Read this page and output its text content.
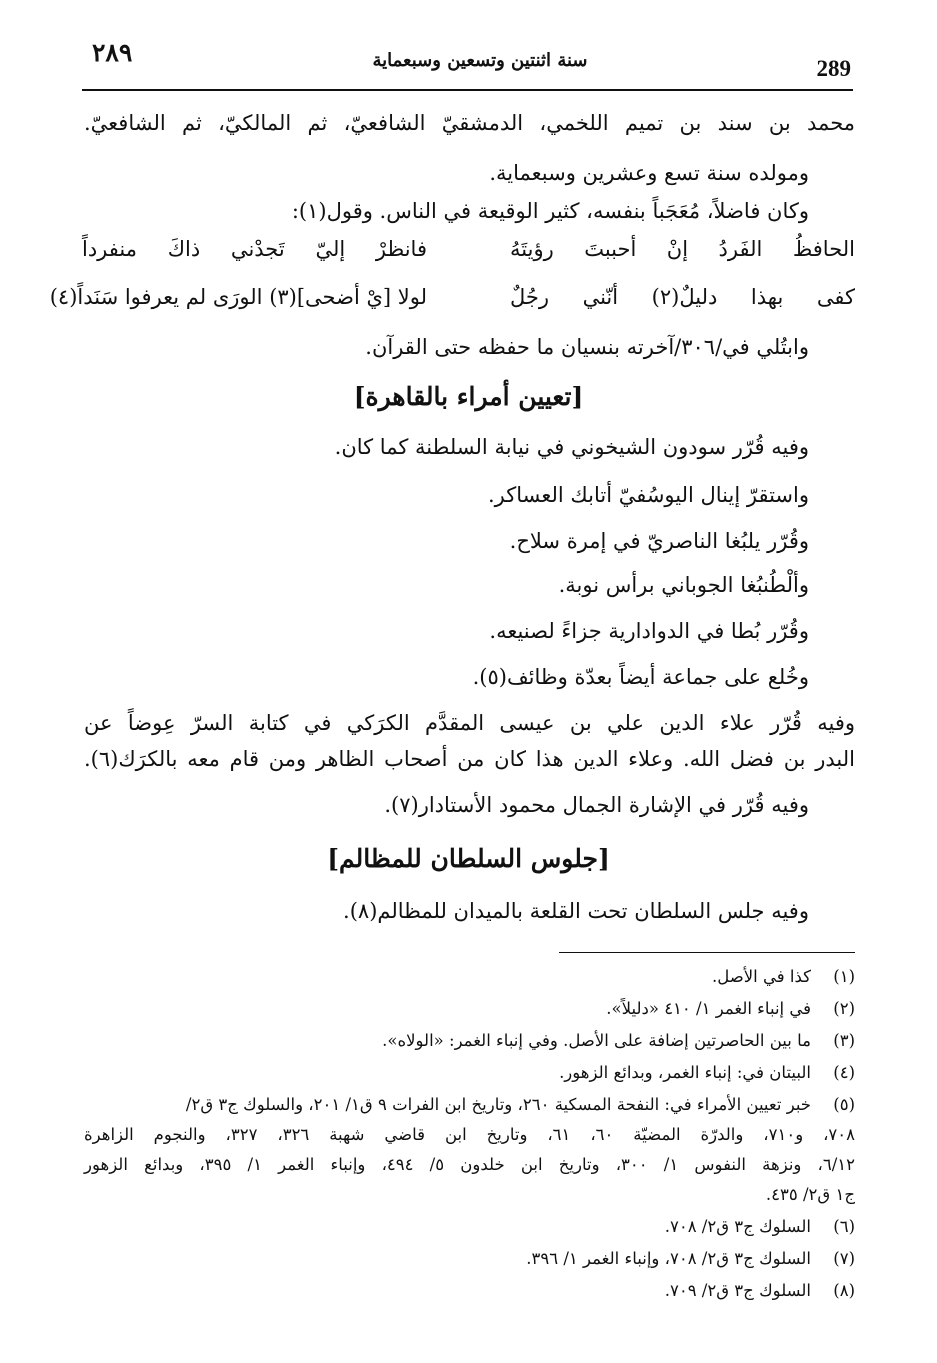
٢٨٩	سنة اثنتين وتسعين وسبعماية	289
محمد بن سند بن تميم اللخمي، الدمشقيّ الشافعيّ، ثم المالكيّ، ثم الشافعيّ.
ومولده سنة تسع وعشرين وسبعماية.
وكان فاضلاً، مُعَجَباً بنفسه، كثير الوقيعة في الناس. وقول(١):
الحافظُ الفَردُ إنْ أحببتَ رؤيتَهُ
فانظرْ إليّ تَجدْني ذاكَ منفرداً
كفى بهذا دليلٌ(٢) أنّني رجُلٌ
لولا [يْ أضحى](٣) الورَى لم يعرفوا سَنَداً(٤)
وابتُلي في/٣٠٦/آخرته بنسيان ما حفظه حتى القرآن.
[تعيين أمراء بالقاهرة]
وفيه قُرّر سودون الشيخوني في نيابة السلطنة كما كان.
واستقرّ إينال اليوسُفيّ أتابك العساكر.
وقُرّر يلبُغا الناصريّ في إمرة سلاح.
وألْطُنبُغا الجوباني برأس نوبة.
وقُرّر بُطا في الدوادارية جزاءً لصنيعه.
وخُلع على جماعة أيضاً بعدّة وظائف(٥).
وفيه قُرّر علاء الدين علي بن عيسى المقدَّم الكرَكي في كتابة السرّ عِوضاً عن
البدر بن فضل الله. وعلاء الدين هذا كان من أصحاب الظاهر ومن قام معه بالكرَك(٦).
وفيه قُرّر في الإشارة الجمال محمود الأستادار(٧).
[جلوس السلطان للمظالم]
وفيه جلس السلطان تحت القلعة بالميدان للمظالم(٨).
(١)
كذا في الأصل.
(٢)
في إنباء الغمر ١/ ٤١٠ «دليلاً».
(٣)
ما بين الحاصرتين إضافة على الأصل. وفي إنباء الغمر: «الولاه».
(٤)
البيتان في: إنباء الغمر، وبدائع الزهور.
(٥)
خبر تعيين الأمراء في: النفحة المسكية ٢٦٠، وتاريخ ابن الفرات ٩ ق١/ ٢٠١، والسلوك ج٣ ق٢/
٧٠٨، و٧١٠، والدرّة المضيّة ٦٠، ٦١، وتاريخ ابن قاضي شهبة ٣٢٦، ٣٢٧، والنجوم الزاهرة
٦/١٢، ونزهة النفوس ١/ ٣٠٠، وتاريخ ابن خلدون ٥/ ٤٩٤، وإنباء الغمر ١/ ٣٩٥، وبدائع الزهور
ج١ ق٢/ ٤٣٥.
(٦)
السلوك ج٣ ق٢/ ٧٠٨.
(٧)
السلوك ج٣ ق٢/ ٧٠٨، وإنباء الغمر ١/ ٣٩٦.
(٨)
السلوك ج٣ ق٢/ ٧٠٩.
